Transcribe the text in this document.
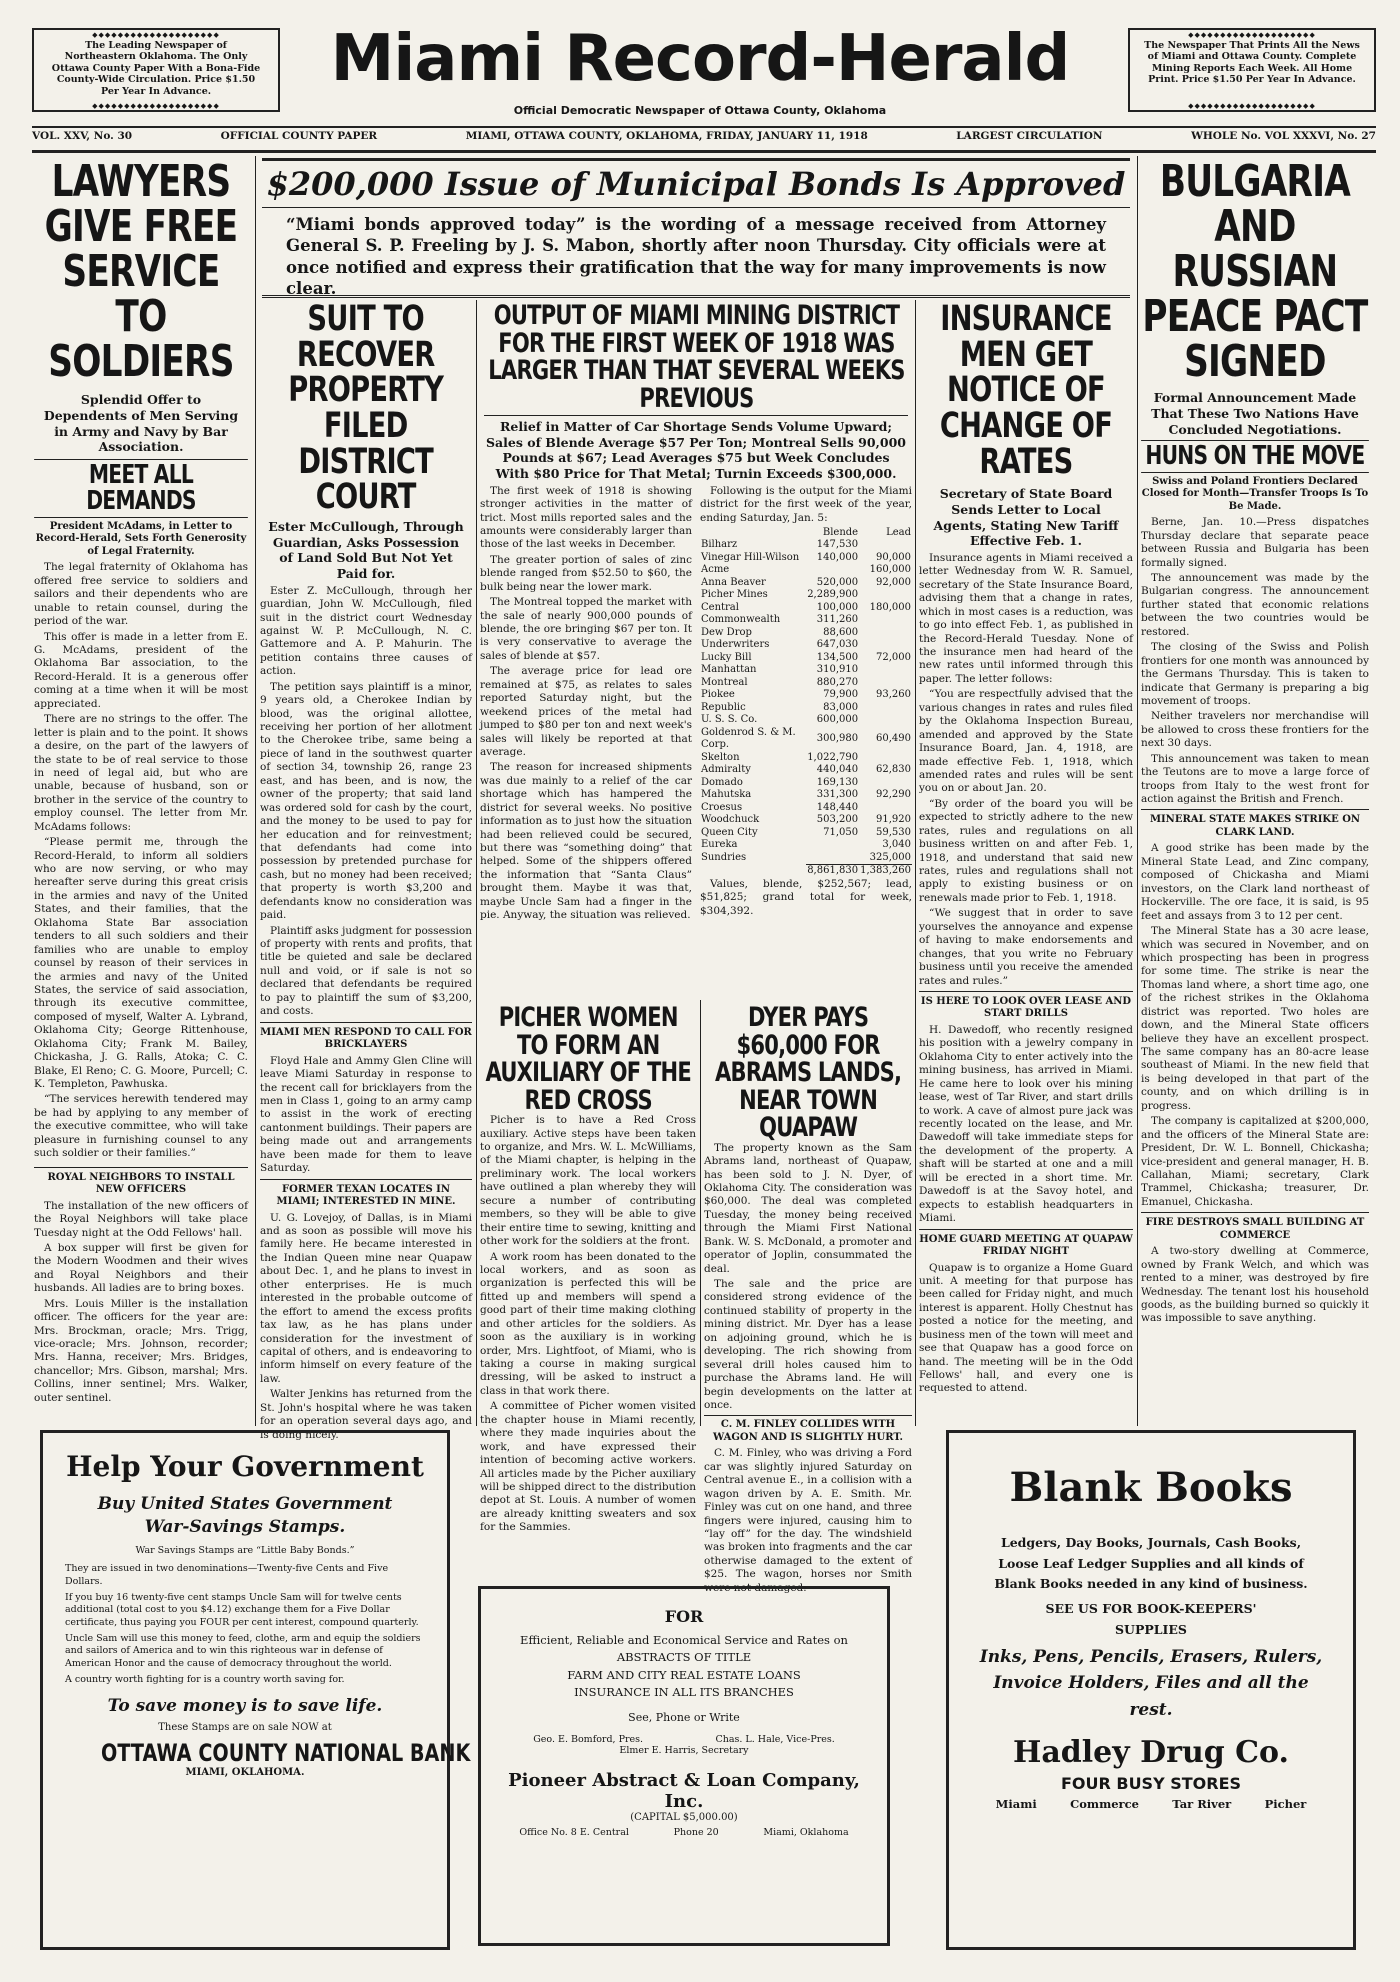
◆◆◆◆◆◆◆◆◆◆◆◆◆◆◆◆◆◆◆◆ The Leading Newspaper of Northeastern Oklahoma. The Only Ottawa County Paper With a Bona-Fide County-Wide Circulation. Price $1.50 Per Year In Advance.
◆◆◆◆◆◆◆◆◆◆◆◆◆◆◆◆◆◆◆◆
◆◆◆◆◆◆◆◆◆◆◆◆◆◆◆◆◆◆◆◆ The Newspaper That Prints All the News of Miami and Ottawa County. Complete Mining Reports Each Week. All Home Print. Price $1.50 Per Year In Advance.
◆◆◆◆◆◆◆◆◆◆◆◆◆◆◆◆◆◆◆◆
Miami Record-Herald
Official Democratic Newspaper of Ottawa County, Oklahoma
VOL. XXV, No. 30	OFFICIAL COUNTY PAPER	MIAMI, OTTAWA COUNTY, OKLAHOMA, FRIDAY, JANUARY 11, 1918	LARGEST CIRCULATION	WHOLE No. VOL XXXVI, No. 27
$200,000 Issue of Municipal Bonds Is Approved
“Miami bonds approved today” is the wording of a message received from Attorney General S. P. Freeling by J. S. Mabon, shortly after noon Thursday. City officials were at once notified and express their gratification that the way for many improvements is now clear.
LAWYERS GIVE FREE SERVICE TO SOLDIERS
Splendid Offer to Dependents of Men Serving in Army and Navy by Bar Association.
MEET ALL DEMANDS
President McAdams, in Letter to Record-Herald, Sets Forth Generosity of Legal Fraternity.

The legal fraternity of Oklahoma has offered free service to soldiers and sailors and their dependents who are unable to retain counsel, during the period of the war.

This offer is made in a letter from E. G. McAdams, president of the Oklahoma Bar association, to the Record-Herald. It is a generous offer coming at a time when it will be most appreciated.

There are no strings to the offer. The letter is plain and to the point. It shows a desire, on the part of the lawyers of the state to be of real service to those in need of legal aid, but who are unable, because of husband, son or brother in the service of the country to employ counsel. The letter from Mr. McAdams follows:

“Please permit me, through the Record-Herald, to inform all soldiers who are now serving, or who may hereafter serve during this great crisis in the armies and navy of the United States, and their families, that the Oklahoma State Bar association tenders to all such soldiers and their families who are unable to employ counsel by reason of their services in the armies and navy of the United States, the service of said association, through its executive committee, composed of myself, Walter A. Lybrand, Oklahoma City; George Rittenhouse, Oklahoma City; Frank M. Bailey, Chickasha, J. G. Ralls, Atoka; C. C. Blake, El Reno; C. G. Moore, Purcell; C. K. Templeton, Pawhuska.

“The services herewith tendered may be had by applying to any member of the executive committee, who will take pleasure in furnishing counsel to any such soldier or their families.”

ROYAL NEIGHBORS TO INSTALL NEW OFFICERS

The installation of the new officers of the Royal Neighbors will take place Tuesday night at the Odd Fellows' hall.

A box supper will first be given for the Modern Woodmen and their wives and Royal Neighbors and their husbands. All ladies are to bring boxes.

Mrs. Louis Miller is the installation officer. The officers for the year are: Mrs. Brockman, oracle; Mrs. Trigg, vice-oracle; Mrs. Johnson, recorder; Mrs. Hanna, receiver; Mrs. Bridges, chancellor; Mrs. Gibson, marshal; Mrs. Collins, inner sentinel; Mrs. Walker, outer sentinel.

SUIT TO RECOVER PROPERTY FILED DISTRICT COURT
Ester McCullough, Through Guardian, Asks Possession of Land Sold But Not Yet Paid for.

Ester Z. McCullough, through her guardian, John W. McCullough, filed suit in the district court Wednesday against W. P. McCullough, N. C. Gattemore and A. P. Mahurin. The petition contains three causes of action.

The petition says plaintiff is a minor, 9 years old, a Cherokee Indian by blood, was the original allottee, receiving her portion of her allotment to the Cherokee tribe, same being a piece of land in the southwest quarter of section 34, township 26, range 23 east, and has been, and is now, the owner of the property; that said land was ordered sold for cash by the court, and the money to be used to pay for her education and for reinvestment; that defendants had come into possession by pretended purchase for cash, but no money had been received; that property is worth $3,200 and defendants know no consideration was paid.

Plaintiff asks judgment for possession of property with rents and profits, that title be quieted and sale be declared null and void, or if sale is not so declared that defendants be required to pay to plaintiff the sum of $3,200, and costs.

MIAMI MEN RESPOND TO CALL FOR BRICKLAYERS

Floyd Hale and Ammy Glen Cline will leave Miami Saturday in response to the recent call for bricklayers from the men in Class 1, going to an army camp to assist in the work of erecting cantonment buildings. Their papers are being made out and arrangements have been made for them to leave Saturday.

FORMER TEXAN LOCATES IN MIAMI; INTERESTED IN MINE.

U. G. Lovejoy, of Dallas, is in Miami and as soon as possible will move his family here. He became interested in the Indian Queen mine near Quapaw about Dec. 1, and he plans to invest in other enterprises. He is much interested in the probable outcome of the effort to amend the excess profits tax law, as he has plans under consideration for the investment of capital of others, and is endeavoring to inform himself on every feature of the law.

Walter Jenkins has returned from the St. John's hospital where he was taken for an operation several days ago, and is doing nicely.

OUTPUT OF MIAMI MINING DISTRICT FOR THE FIRST WEEK OF 1918 WAS LARGER THAN THAT SEVERAL WEEKS PREVIOUS
Relief in Matter of Car Shortage Sends Volume Upward; Sales of Blende Average $57 Per Ton; Montreal Sells 90,000 Pounds at $67; Lead Averages $75 but Week Concludes With $80 Price for That Metal; Turnin Exceeds $300,000.

The first week of 1918 is showing stronger activities in the matter of trict. Most mills reported sales and the amounts were considerably larger than those of the last weeks in December.

The greater portion of sales of zinc blende ranged from $52.50 to $60, the bulk being near the lower mark.

The Montreal topped the market with the sale of nearly 900,000 pounds of blende, the ore bringing $67 per ton. It is very conservative to average the sales of blende at $57.

The average price for lead ore remained at $75, as relates to sales reported Saturday night, but the weekend prices of the metal had jumped to $80 per ton and next week's sales will likely be reported at that average.

The reason for increased shipments was due mainly to a relief of the car shortage which has hampered the district for several weeks. No positive information as to just how the situation had been relieved could be secured, but there was “something doing” that helped. Some of the shippers offered the information that “Santa Claus” brought them. Maybe it was that, maybe Uncle Sam had a finger in the pie. Anyway, the situation was relieved.

Following is the output for the Miami district for the first week of the year, ending Saturday, Jan. 5:

	Blende	Lead
Bilharz	147,530	
Vinegar Hill-Wilson	140,000	90,000
Acme		160,000
Anna Beaver	520,000	92,000
Picher Mines	2,289,900	
Central	100,000	180,000
Commonwealth	311,260	
Dew Drop	88,600	
Underwriters	647,030	
Lucky Bill	134,500	72,000
Manhattan	310,910	
Montreal	880,270	
Piokee	79,900	93,260
Republic	83,000	
U. S. S. Co.	600,000	
Goldenrod S. & M. Corp.	300,980	60,490
Skelton	1,022,790	
Admiralty	440,040	62,830
Domado	169,130	
Mahutska	331,300	92,290
Croesus	148,440	
Woodchuck	503,200	91,920
Queen City	71,050	59,530
Eureka		3,040
Sundries		325,000
	8,861,830	1,383,260

Values, blende, $252,567; lead, $51,825; grand total for week, $304,392.

PICHER WOMEN TO FORM AN AUXILIARY OF THE RED CROSS

Picher is to have a Red Cross auxiliary. Active steps have been taken to organize, and Mrs. W. L. McWilliams, of the Miami chapter, is helping in the preliminary work. The local workers have outlined a plan whereby they will secure a number of contributing members, so they will be able to give their entire time to sewing, knitting and other work for the soldiers at the front.

A work room has been donated to the local workers, and as soon as organization is perfected this will be fitted up and members will spend a good part of their time making clothing and other articles for the soldiers. As soon as the auxiliary is in working order, Mrs. Lightfoot, of Miami, who is taking a course in making surgical dressing, will be asked to instruct a class in that work there.

A committee of Picher women visited the chapter house in Miami recently, where they made inquiries about the work, and have expressed their intention of becoming active workers. All articles made by the Picher auxiliary will be shipped direct to the distribution depot at St. Louis. A number of women are already knitting sweaters and sox for the Sammies.

DYER PAYS $60,000 FOR ABRAMS LANDS, NEAR TOWN QUAPAW

The property known as the Sam Abrams land, northeast of Quapaw, has been sold to J. N. Dyer, of Oklahoma City. The consideration was $60,000. The deal was completed Tuesday, the money being received through the Miami First National Bank. W. S. McDonald, a promoter and operator of Joplin, consummated the deal.

The sale and the price are considered strong evidence of the continued stability of property in the mining district. Mr. Dyer has a lease on adjoining ground, which he is developing. The rich showing from several drill holes caused him to purchase the Abrams land. He will begin developments on the latter at once.

C. M. FINLEY COLLIDES WITH WAGON AND IS SLIGHTLY HURT.

C. M. Finley, who was driving a Ford car was slightly injured Saturday on Central avenue E., in a collision with a wagon driven by A. E. Smith. Mr. Finley was cut on one hand, and three fingers were injured, causing him to “lay off” for the day. The windshield was broken into fragments and the car otherwise damaged to the extent of $25. The wagon, horses nor Smith were not damaged.

INSURANCE MEN GET NOTICE OF CHANGE OF RATES
Secretary of State Board Sends Letter to Local Agents, Stating New Tariff Effective Feb. 1.

Insurance agents in Miami received a letter Wednesday from W. R. Samuel, secretary of the State Insurance Board, advising them that a change in rates, which in most cases is a reduction, was to go into effect Feb. 1, as published in the Record-Herald Tuesday. None of the insurance men had heard of the new rates until informed through this paper. The letter follows:

“You are respectfully advised that the various changes in rates and rules filed by the Oklahoma Inspection Bureau, amended and approved by the State Insurance Board, Jan. 4, 1918, are made effective Feb. 1, 1918, which amended rates and rules will be sent you on or about Jan. 20.

“By order of the board you will be expected to strictly adhere to the new rates, rules and regulations on all business written on and after Feb. 1, 1918, and understand that said new rates, rules and regulations shall not apply to existing business or on renewals made prior to Feb. 1, 1918.

“We suggest that in order to save yourselves the annoyance and expense of having to make endorsements and changes, that you write no February business until you receive the amended rates and rules.”

IS HERE TO LOOK OVER LEASE AND START DRILLS

H. Dawedoff, who recently resigned his position with a jewelry company in Oklahoma City to enter actively into the mining business, has arrived in Miami. He came here to look over his mining lease, west of Tar River, and start drills to work. A cave of almost pure jack was recently located on the lease, and Mr. Dawedoff will take immediate steps for the development of the property. A shaft will be started at one and a mill will be erected in a short time. Mr. Dawedoff is at the Savoy hotel, and expects to establish headquarters in Miami.

HOME GUARD MEETING AT QUAPAW FRIDAY NIGHT

Quapaw is to organize a Home Guard unit. A meeting for that purpose has been called for Friday night, and much interest is apparent. Holly Chestnut has posted a notice for the meeting, and business men of the town will meet and see that Quapaw has a good force on hand. The meeting will be in the Odd Fellows' hall, and every one is requested to attend.

BULGARIA AND RUSSIAN PEACE PACT SIGNED
Formal Announcement Made That These Two Nations Have Concluded Negotiations.
HUNS ON THE MOVE
Swiss and Poland Frontiers Declared Closed for Month—Transfer Troops Is To Be Made.

Berne, Jan. 10.—Press dispatches Thursday declare that separate peace between Russia and Bulgaria has been formally signed.

The announcement was made by the Bulgarian congress. The announcement further stated that economic relations between the two countries would be restored.

The closing of the Swiss and Polish frontiers for one month was announced by the Germans Thursday. This is taken to indicate that Germany is preparing a big movement of troops.

Neither travelers nor merchandise will be allowed to cross these frontiers for the next 30 days.

This announcement was taken to mean the Teutons are to move a large force of troops from Italy to the west front for action against the British and French.

MINERAL STATE MAKES STRIKE ON CLARK LAND.

A good strike has been made by the Mineral State Lead, and Zinc company, composed of Chickasha and Miami investors, on the Clark land northeast of Hockerville. The ore face, it is said, is 95 feet and assays from 3 to 12 per cent.

The Mineral State has a 30 acre lease, which was secured in November, and on which prospecting has been in progress for some time. The strike is near the Thomas land where, a short time ago, one of the richest strikes in the Oklahoma district was reported. Two holes are down, and the Mineral State officers believe they have an excellent prospect. The same company has an 80-acre lease southeast of Miami. In the new field that is being developed in that part of the county, and on which drilling is in progress.

The company is capitalized at $200,000, and the officers of the Mineral State are: President, Dr. W. L. Bonnell, Chickasha; vice-president and general manager, H. B. Callahan, Miami; secretary, Clark Trammel, Chickasha; treasurer, Dr. Emanuel, Chickasha.

FIRE DESTROYS SMALL BUILDING AT COMMERCE

A two-story dwelling at Commerce, owned by Frank Welch, and which was rented to a miner, was destroyed by fire Wednesday. The tenant lost his household goods, as the building burned so quickly it was impossible to save anything.

Help Your Government
Buy United States Government War-Savings Stamps.
War Savings Stamps are “Little Baby Bonds.”
They are issued in two denominations—Twenty-five Cents and Five Dollars.
If you buy 16 twenty-five cent stamps Uncle Sam will for twelve cents additional (total cost to you $4.12) exchange them for a Five Dollar certificate, thus paying you FOUR per cent interest, compound quarterly.
Uncle Sam will use this money to feed, clothe, arm and equip the soldiers and sailors of America and to win this righteous war in defense of American Honor and the cause of democracy throughout the world.
A country worth fighting for is a country worth saving for.
To save money is to save life.
These Stamps are on sale NOW at
OTTAWA COUNTY NATIONAL BANK
MIAMI, OKLAHOMA.
FOR
Efficient, Reliable and Economical Service and Rates on
ABSTRACTS OF TITLE
FARM AND CITY REAL ESTATE LOANS
INSURANCE IN ALL ITS BRANCHES
See, Phone or Write
Geo. E. Bomford, Pres.	Chas. L. Hale, Vice-Pres.
Elmer E. Harris, Secretary
Pioneer Abstract & Loan Company, Inc.
(CAPITAL $5,000.00)
Office No. 8 E. Central	Phone 20	Miami, Oklahoma
Blank Books
Ledgers, Day Books, Journals, Cash Books, Loose Leaf Ledger Supplies and all kinds of Blank Books needed in any kind of business.
SEE US FOR BOOK-KEEPERS' SUPPLIES
Inks, Pens, Pencils, Erasers, Rulers, Invoice Holders, Files and all the rest.
Hadley Drug Co.
FOUR BUSY STORES
Miami	Commerce	Tar River	Picher
